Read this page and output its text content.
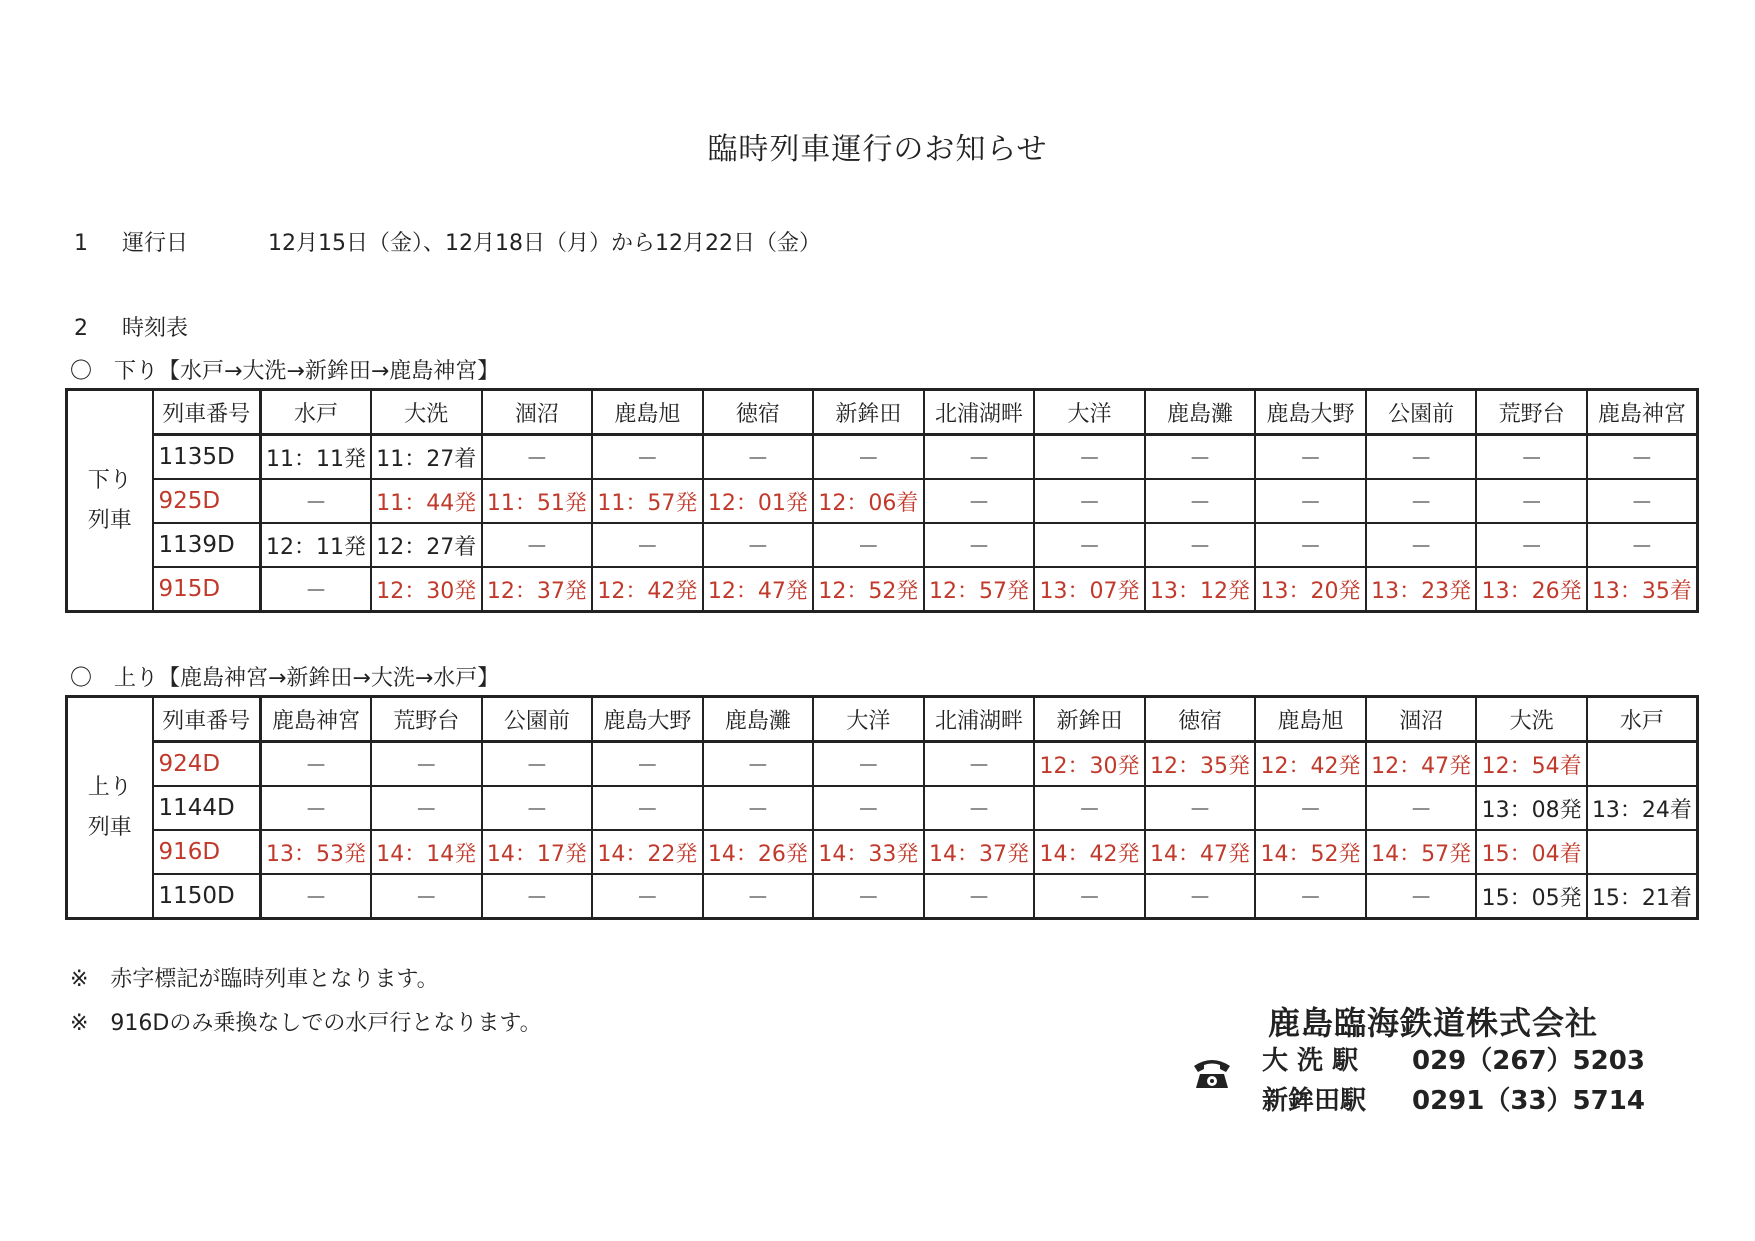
臨時列車運行のお知らせ
1 運行日	12月15日（金）、12月18日（月）から12月22日（金）
2 時刻表
〇　下り【水戸→大洗→新鉾田→鹿島神宮】
下り
列車	列車番号	水戸	大洗	涸沼	鹿島旭	徳宿	新鉾田	北浦湖畔	大洋	鹿島灘	鹿島大野	公園前	荒野台	鹿島神宮
	1135D	11：11発	11：27着	－	－	－	－	－	－	－	－	－	－	－
	925D	－	11：44発	11：51発	11：57発	12：01発	12：06着	－	－	－	－	－	－	－
	1139D	12：11発	12：27着	－	－	－	－	－	－	－	－	－	－	－
	915D	－	12：30発	12：37発	12：42発	12：47発	12：52発	12：57発	13：07発	13：12発	13：20発	13：23発	13：26発	13：35着
〇　上り【鹿島神宮→新鉾田→大洗→水戸】
上り
列車	列車番号	鹿島神宮	荒野台	公園前	鹿島大野	鹿島灘	大洋	北浦湖畔	新鉾田	徳宿	鹿島旭	涸沼	大洗	水戸
	924D	－	－	－	－	－	－	－	12：30発	12：35発	12：42発	12：47発	12：54着	
	1144D	－	－	－	－	－	－	－	－	－	－	－	13：08発	13：24着
	916D	13：53発	14：14発	14：17発	14：22発	14：26発	14：33発	14：37発	14：42発	14：47発	14：52発	14：57発	15：04着	
	1150D	－	－	－	－	－	－	－	－	－	－	－	15：05発	15：21着
※　赤字標記が臨時列車となります。
※　916Dのみ乗換なしでの水戸行となります。	鹿島臨海鉄道株式会社
大 洗 駅 029（267）5203
新鉾田駅 0291（33）5714
